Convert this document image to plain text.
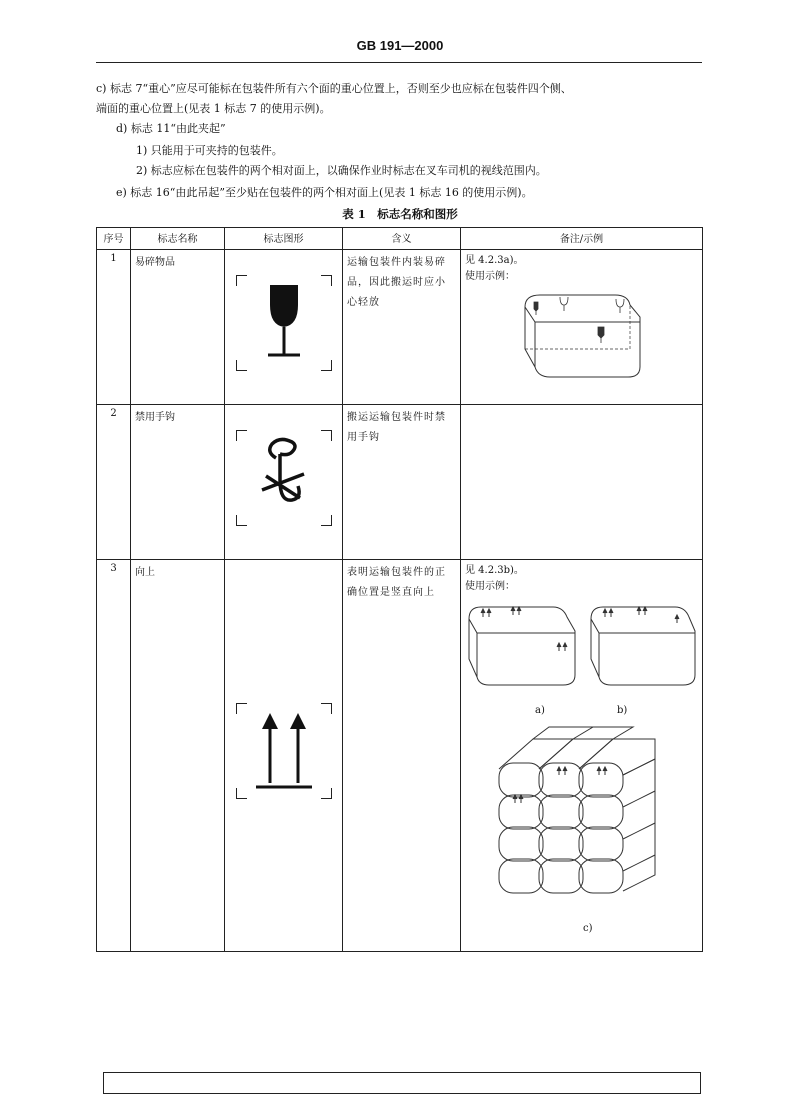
GB 191—2000
c) 标志 7“重心”应尽可能标在包装件所有六个面的重心位置上，否则至少也应标在包装件四个侧、
端面的重心位置上(见表 1 标志 7 的使用示例)。
d) 标志 11“由此夹起”
1) 只能用于可夹持的包装件。
2) 标志应标在包装件的两个相对面上，以确保作业时标志在叉车司机的视线范围内。
e) 标志 16“由此吊起”至少贴在包装件的两个相对面上(见表 1 标志 16 的使用示例)。
表 1　标志名称和图形
序号	标志名称	标志图形	含义	备注/示例
1	易碎物品		运输包装件内装易碎品，因此搬运时应小心轻放	见 4.2.3a)。
使用示例：

2	禁用手钩		搬运运输包装件时禁用手钩	

3	向上		表明运输包装件的正确位置是竖直向上	见 4.2.3b)。
使用示例：
a) b)
c)
